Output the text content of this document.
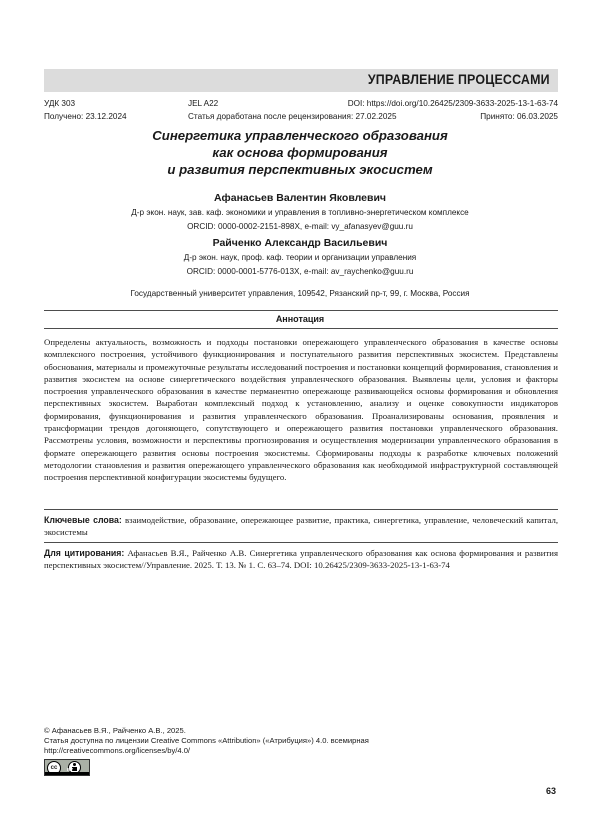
УПРАВЛЕНИЕ ПРОЦЕССАМИ
УДК 303	JEL A22	DOI: https://doi.org/10.26425/2309-3633-2025-13-1-63-74
Получено: 23.12.2024	Статья доработана после рецензирования: 27.02.2025	Принято: 06.03.2025
Синергетика управленческого образования
как основа формирования
и развития перспективных экосистем
Афанасьев Валентин Яковлевич
Д-р экон. наук, зав. каф. экономики и управления в топливно-энергетическом комплексе
ORCID: 0000-0002-2151-898X, e-mail: vy_afanasyev@guu.ru
Райченко Александр Васильевич
Д-р экон. наук, проф. каф. теории и организации управления
ORCID: 0000-0001-5776-013X, e-mail: av_raychenko@guu.ru
Государственный университет управления, 109542, Рязанский пр-т, 99, г. Москва, Россия
Аннотация
Определены актуальность, возможность и подходы постановки опережающего управленческого образования в качестве основы комплексного построения, устойчивого функционирования и поступательного развития перспективных экосистем. Представлены обоснования, материалы и промежуточные результаты исследований построения и постановки концепций формирования, становления и развития экосистем на основе синергетического воздействия управленческого образования. Выявлены цели, условия и факторы построения управленческого образования в качестве перманентно опережающе развивающейся основы формирования и обновления перспективных экосистем. Выработан комплексный подход к установлению, анализу и оценке совокупности индикаторов формирования, функционирования и развития управленческого образования. Проанализированы основания, проявления и трансформации трендов догоняющего, сопутствующего и опережающего развития постановки управленческого образования. Рассмотрены условия, возможности и перспективы прогнозирования и осуществления модернизации управленческого образования в формате опережающего развития основы построения экосистемы. Сформированы подходы к разработке ключевых положений методологии становления и развития опережающего управленческого образования как необходимой инфраструктурной составляющей построения перспективной конфигурации экосистемы будущего.
Ключевые слова: взаимодействие, образование, опережающее развитие, практика, синергетика, управление, человеческий капитал, экосистемы
Для цитирования: Афанасьев В.Я., Райченко А.В. Синергетика управленческого образования как основа формирования и развития перспективных экосистем//Управление. 2025. Т. 13. № 1. С. 63–74. DOI: 10.26425/2309-3633-2025-13-1-63-74
© Афанасьев В.Я., Райченко А.В., 2025.
Статья доступна по лицензии Creative Commons «Attribution» («Атрибуция») 4.0. всемирная
http://creativecommons.org/licenses/by/4.0/
cc	BY
63
